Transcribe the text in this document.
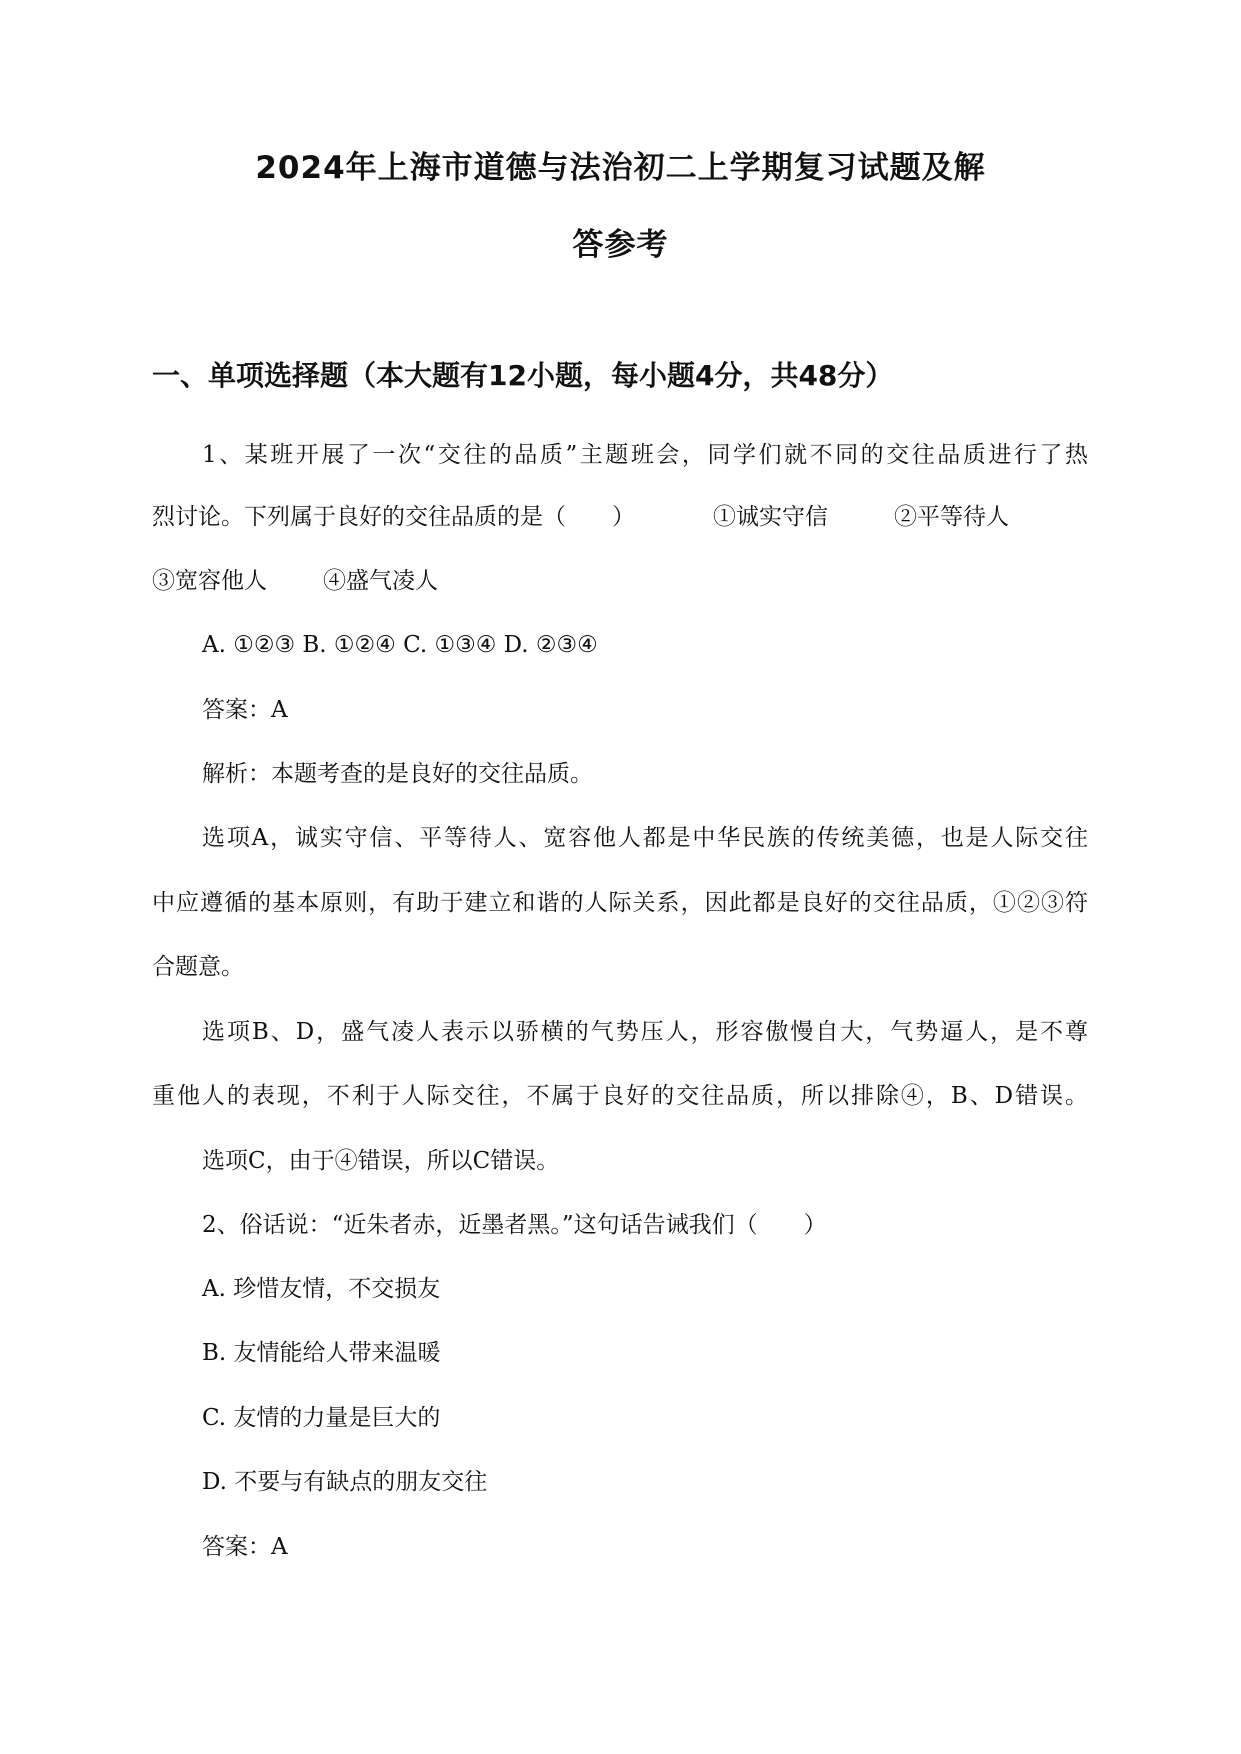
2024年上海市道德与法治初二上学期复习试题及解
答参考
一、单项选择题（本大题有12小题，每小题4分，共48分）
1、某班开展了一次“交往的品质”主题班会，同学们就不同的交往品质进行了热
烈讨论。下列属于良好的交往品质的是（　　）	①诚实守信	②平等待人
③宽容他人 ④盛气凌人
A. ①②③ B. ①②④ C. ①③④ D. ②③④
答案：A
解析：本题考查的是良好的交往品质。
选项A，诚实守信、平等待人、宽容他人都是中华民族的传统美德，也是人际交往
中应遵循的基本原则，有助于建立和谐的人际关系，因此都是良好的交往品质，①②③符
合题意。
选项B、D，盛气凌人表示以骄横的气势压人，形容傲慢自大，气势逼人，是不尊
重他人的表现，不利于人际交往，不属于良好的交往品质，所以排除④，B、D错误。
选项C，由于④错误，所以C错误。
2、俗话说：“近朱者赤，近墨者黑。”这句话告诫我们（　　）
A. 珍惜友情，不交损友
B. 友情能给人带来温暖
C. 友情的力量是巨大的
D. 不要与有缺点的朋友交往
答案：A
